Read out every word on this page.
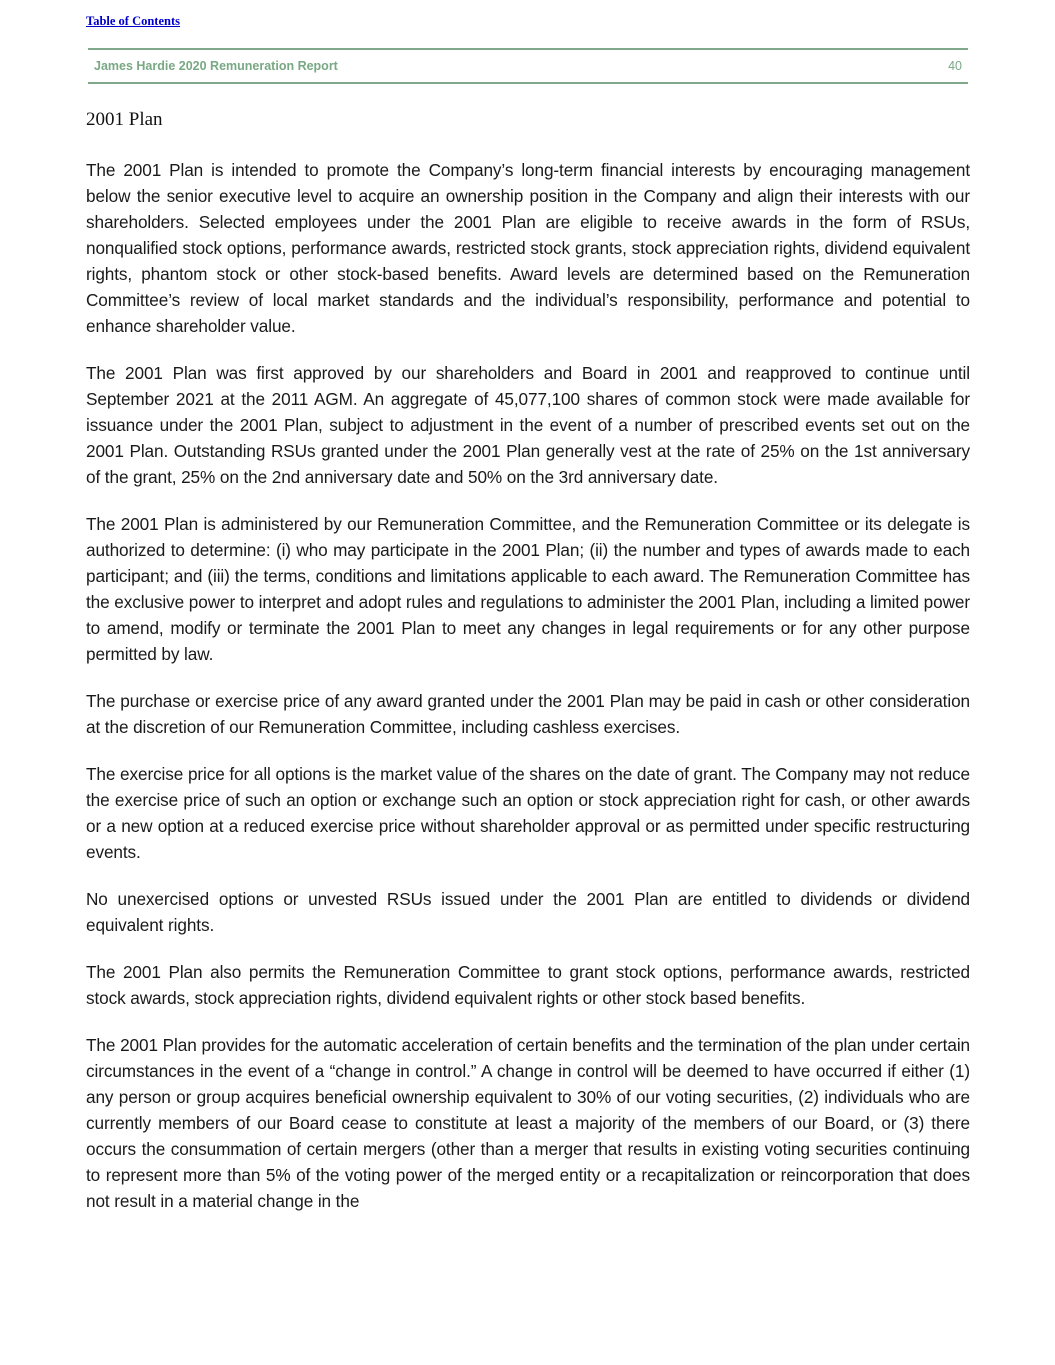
Table of Contents
James Hardie 2020 Remuneration Report	40
2001 Plan

The 2001 Plan is intended to promote the Company’s long-term financial interests by encouraging management below the senior executive level to acquire an ownership position in the Company and align their interests with our shareholders. Selected employees under the 2001 Plan are eligible to receive awards in the form of RSUs, nonqualified stock options, performance awards, restricted stock grants, stock appreciation rights, dividend equivalent rights, phantom stock or other stock-based benefits. Award levels are determined based on the Remuneration Committee’s review of local market standards and the individual’s responsibility, performance and potential to enhance shareholder value.

The 2001 Plan was first approved by our shareholders and Board in 2001 and reapproved to continue until September 2021 at the 2011 AGM. An aggregate of 45,077,100 shares of common stock were made available for issuance under the 2001 Plan, subject to adjustment in the event of a number of prescribed events set out on the 2001 Plan. Outstanding RSUs granted under the 2001 Plan generally vest at the rate of 25% on the 1st anniversary of the grant, 25% on the 2nd anniversary date and 50% on the 3rd anniversary date.

The 2001 Plan is administered by our Remuneration Committee, and the Remuneration Committee or its delegate is authorized to determine: (i) who may participate in the 2001 Plan; (ii) the number and types of awards made to each participant; and (iii) the terms, conditions and limitations applicable to each award. The Remuneration Committee has the exclusive power to interpret and adopt rules and regulations to administer the 2001 Plan, including a limited power to amend, modify or terminate the 2001 Plan to meet any changes in legal requirements or for any other purpose permitted by law.

The purchase or exercise price of any award granted under the 2001 Plan may be paid in cash or other consideration at the discretion of our Remuneration Committee, including cashless exercises.

The exercise price for all options is the market value of the shares on the date of grant. The Company may not reduce the exercise price of such an option or exchange such an option or stock appreciation right for cash, or other awards or a new option at a reduced exercise price without shareholder approval or as permitted under specific restructuring events.

No unexercised options or unvested RSUs issued under the 2001 Plan are entitled to dividends or dividend equivalent rights.

The 2001 Plan also permits the Remuneration Committee to grant stock options, performance awards, restricted stock awards, stock appreciation rights, dividend equivalent rights or other stock based benefits.

The 2001 Plan provides for the automatic acceleration of certain benefits and the termination of the plan under certain circumstances in the event of a “change in control.” A change in control will be deemed to have occurred if either (1) any person or group acquires beneficial ownership equivalent to 30% of our voting securities, (2) individuals who are currently members of our Board cease to constitute at least a majority of the members of our Board, or (3) there occurs the consummation of certain mergers (other than a merger that results in existing voting securities continuing to represent more than 5% of the voting power of the merged entity or a recapitalization or reincorporation that does not result in a material change in the
